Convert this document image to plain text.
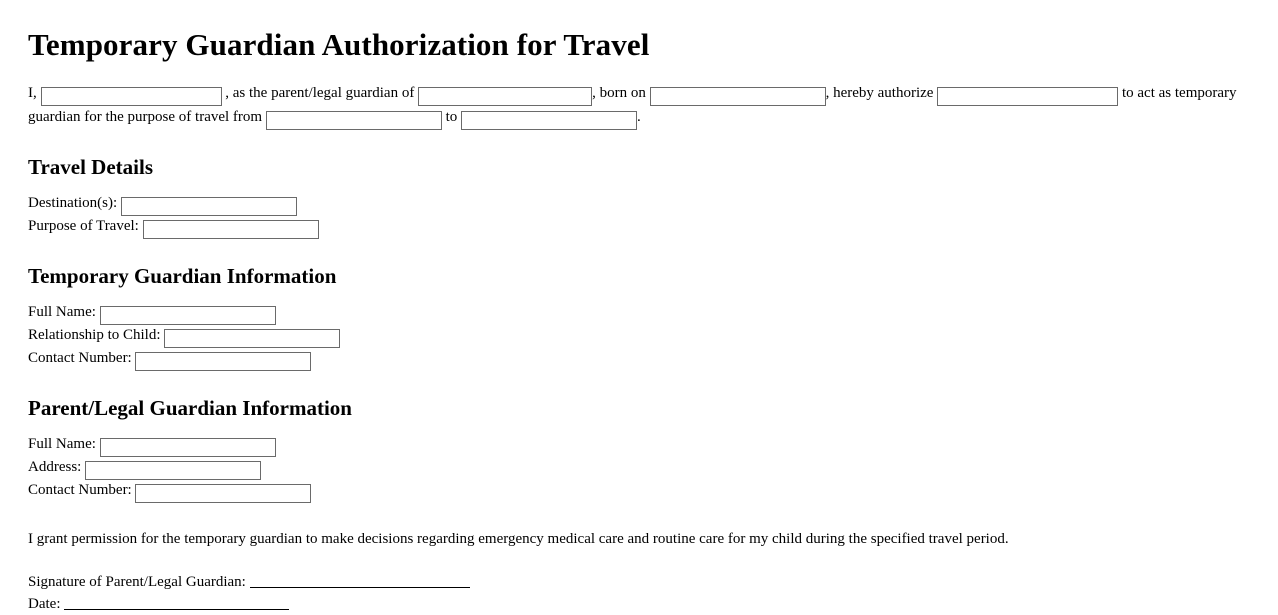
Temporary Guardian Authorization for Travel
I,	, as the parent/legal guardian of	, born on	, hereby authorize	to act as temporary guardian for the purpose of travel from	to	.
Travel Details
Destination(s):
Purpose of Travel:
Temporary Guardian Information
Full Name:
Relationship to Child:
Contact Number:
Parent/Legal Guardian Information
Full Name:
Address:
Contact Number:

I grant permission for the temporary guardian to make decisions regarding emergency medical care and routine care for my child during the specified travel period.

Signature of Parent/Legal Guardian:
Date:
